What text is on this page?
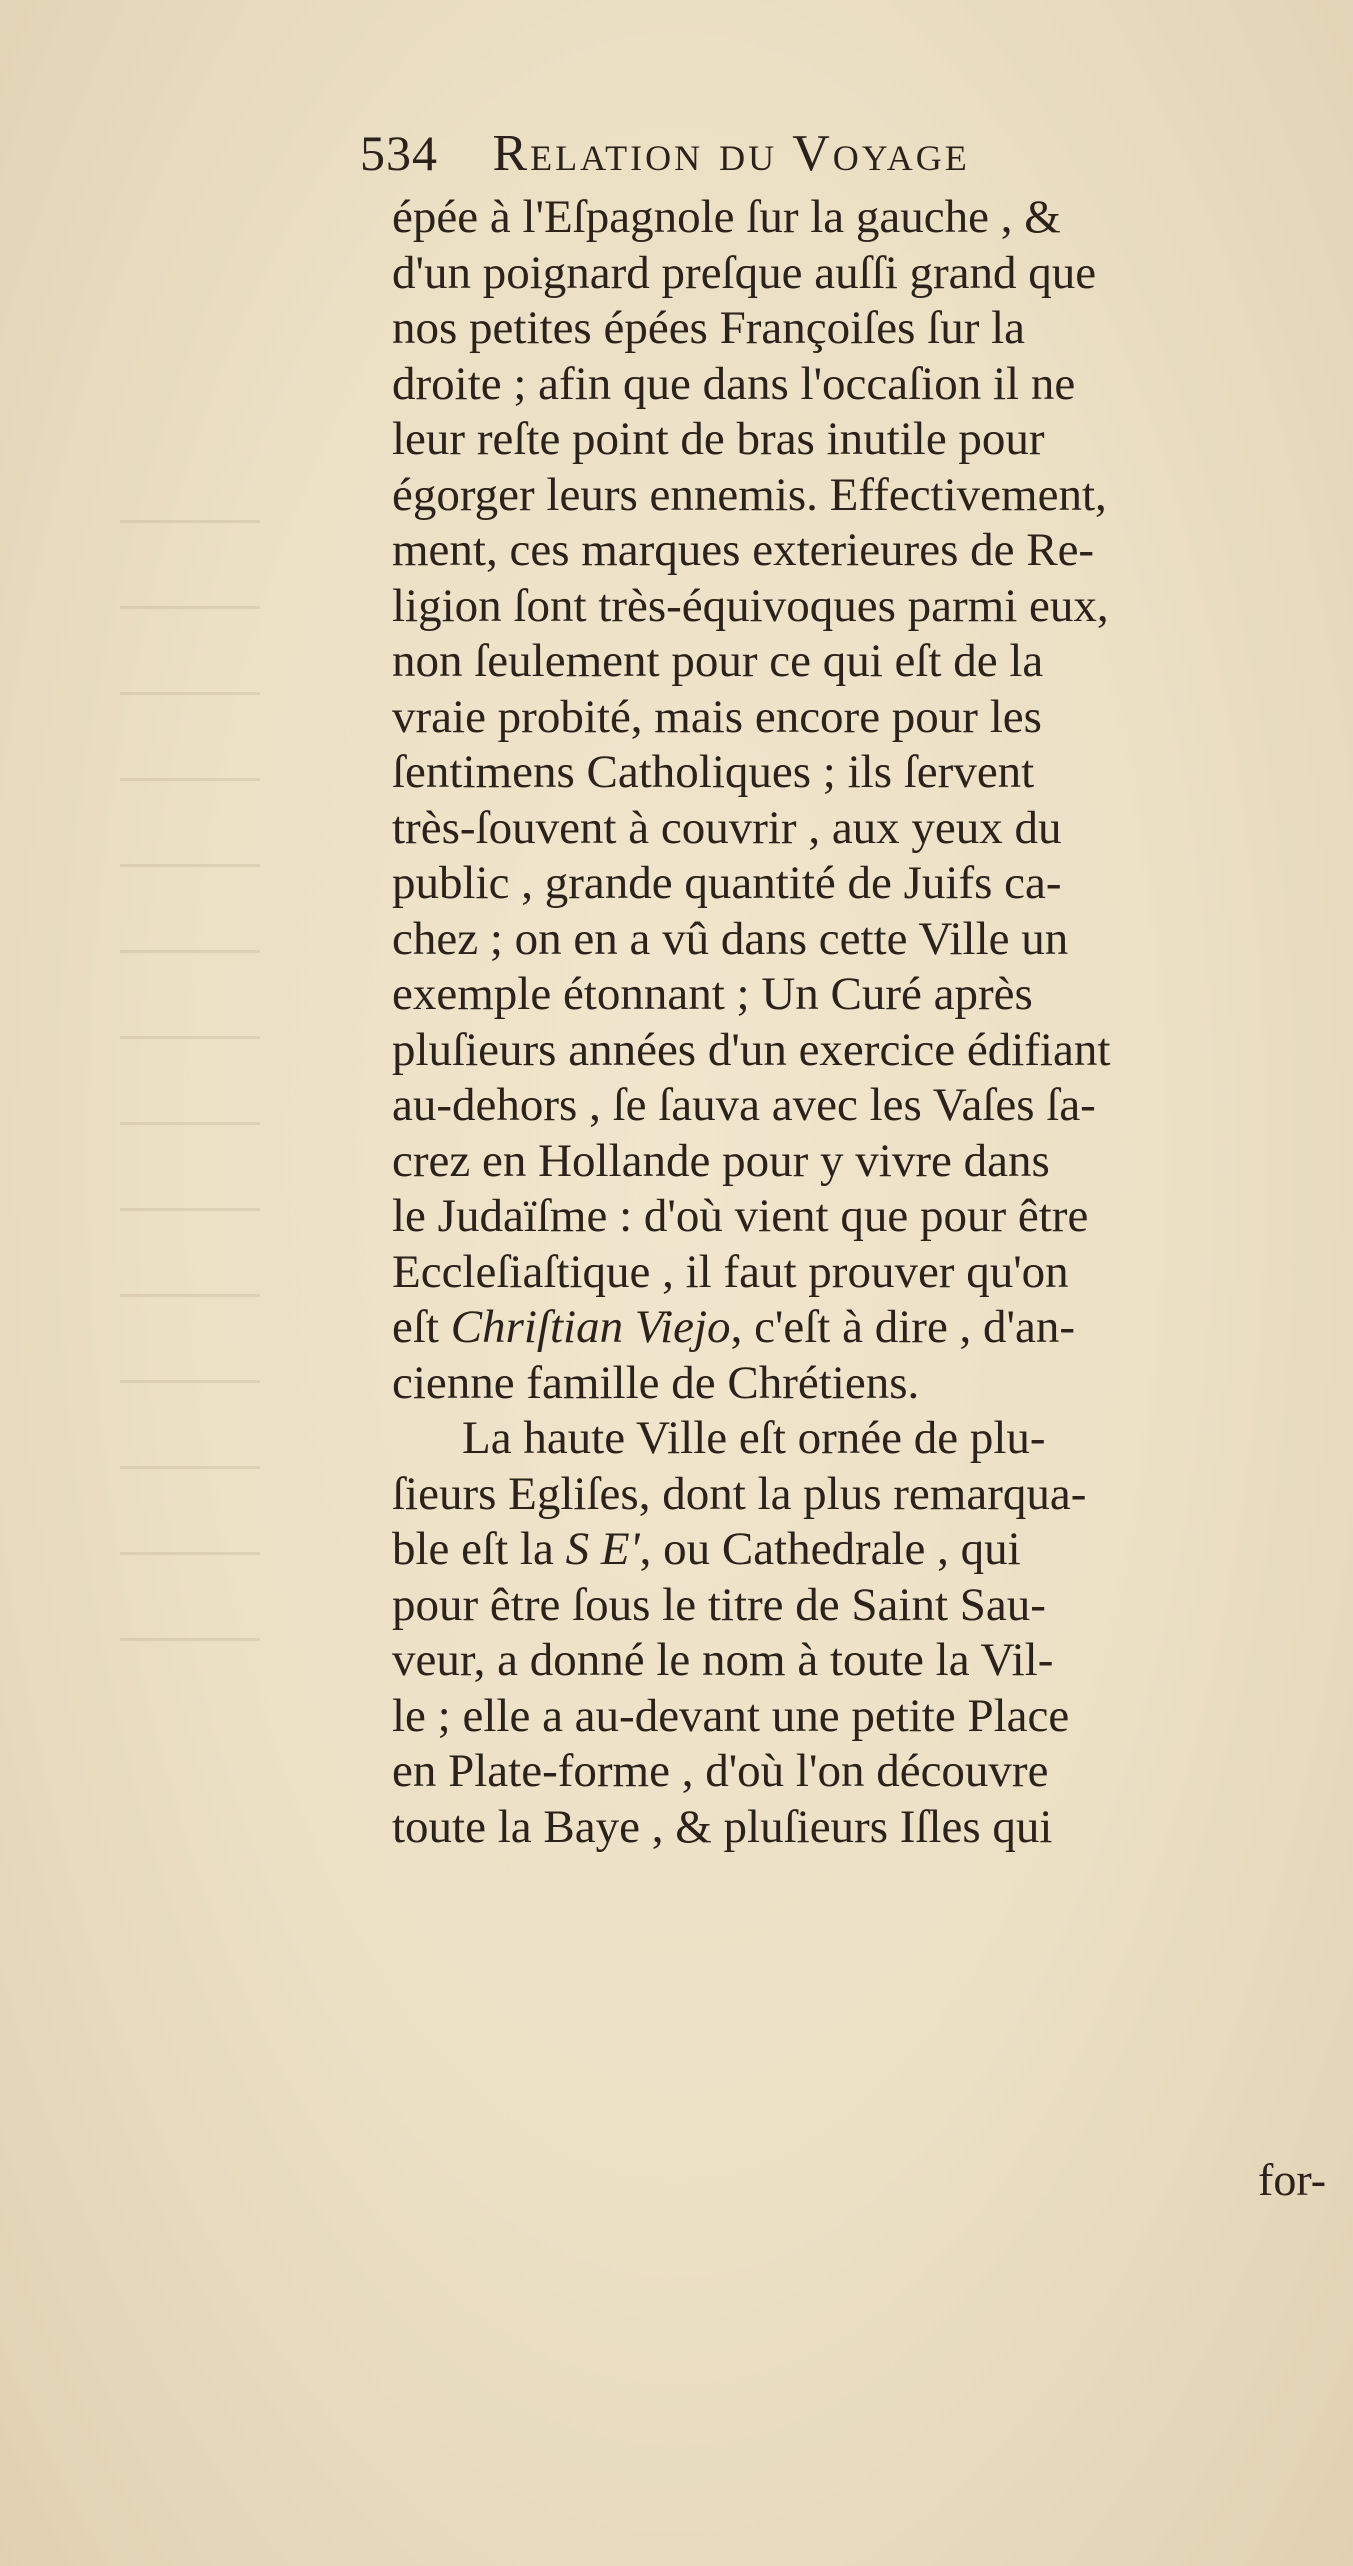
534 Relation du Voyage
épée à l'Eſpagnole ſur la gauche , &
d'un poignard preſque auſſi grand que
nos petites épées Françoiſes ſur la
droite ; afin que dans l'occaſion il ne
leur reſte point de bras inutile pour
égorger leurs ennemis. Effectivement,
ment, ces marques exterieures de Re-
ligion ſont très-équivoques parmi eux,
non ſeulement pour ce qui eſt de la
vraie probité, mais encore pour les
ſentimens Catholiques ; ils ſervent
très-ſouvent à couvrir , aux yeux du
public , grande quantité de Juifs ca-
chez ; on en a vû dans cette Ville un
exemple étonnant ; Un Curé après
pluſieurs années d'un exercice édifiant
au-dehors , ſe ſauva avec les Vaſes ſa-
crez en Hollande pour y vivre dans
le Judaïſme : d'où vient que pour être
Eccleſiaſtique , il faut prouver qu'on
eſt Chriſtian Viejo, c'eſt à dire , d'an-
cienne famille de Chrétiens.
La haute Ville eſt ornée de plu-
ſieurs Egliſes, dont la plus remarqua-
ble eſt la S E', ou Cathedrale , qui
pour être ſous le titre de Saint Sau-
veur, a donné le nom à toute la Vil-
le ; elle a au-devant une petite Place
en Plate-forme , d'où l'on découvre
toute la Baye , & pluſieurs Iſles qui
for-
